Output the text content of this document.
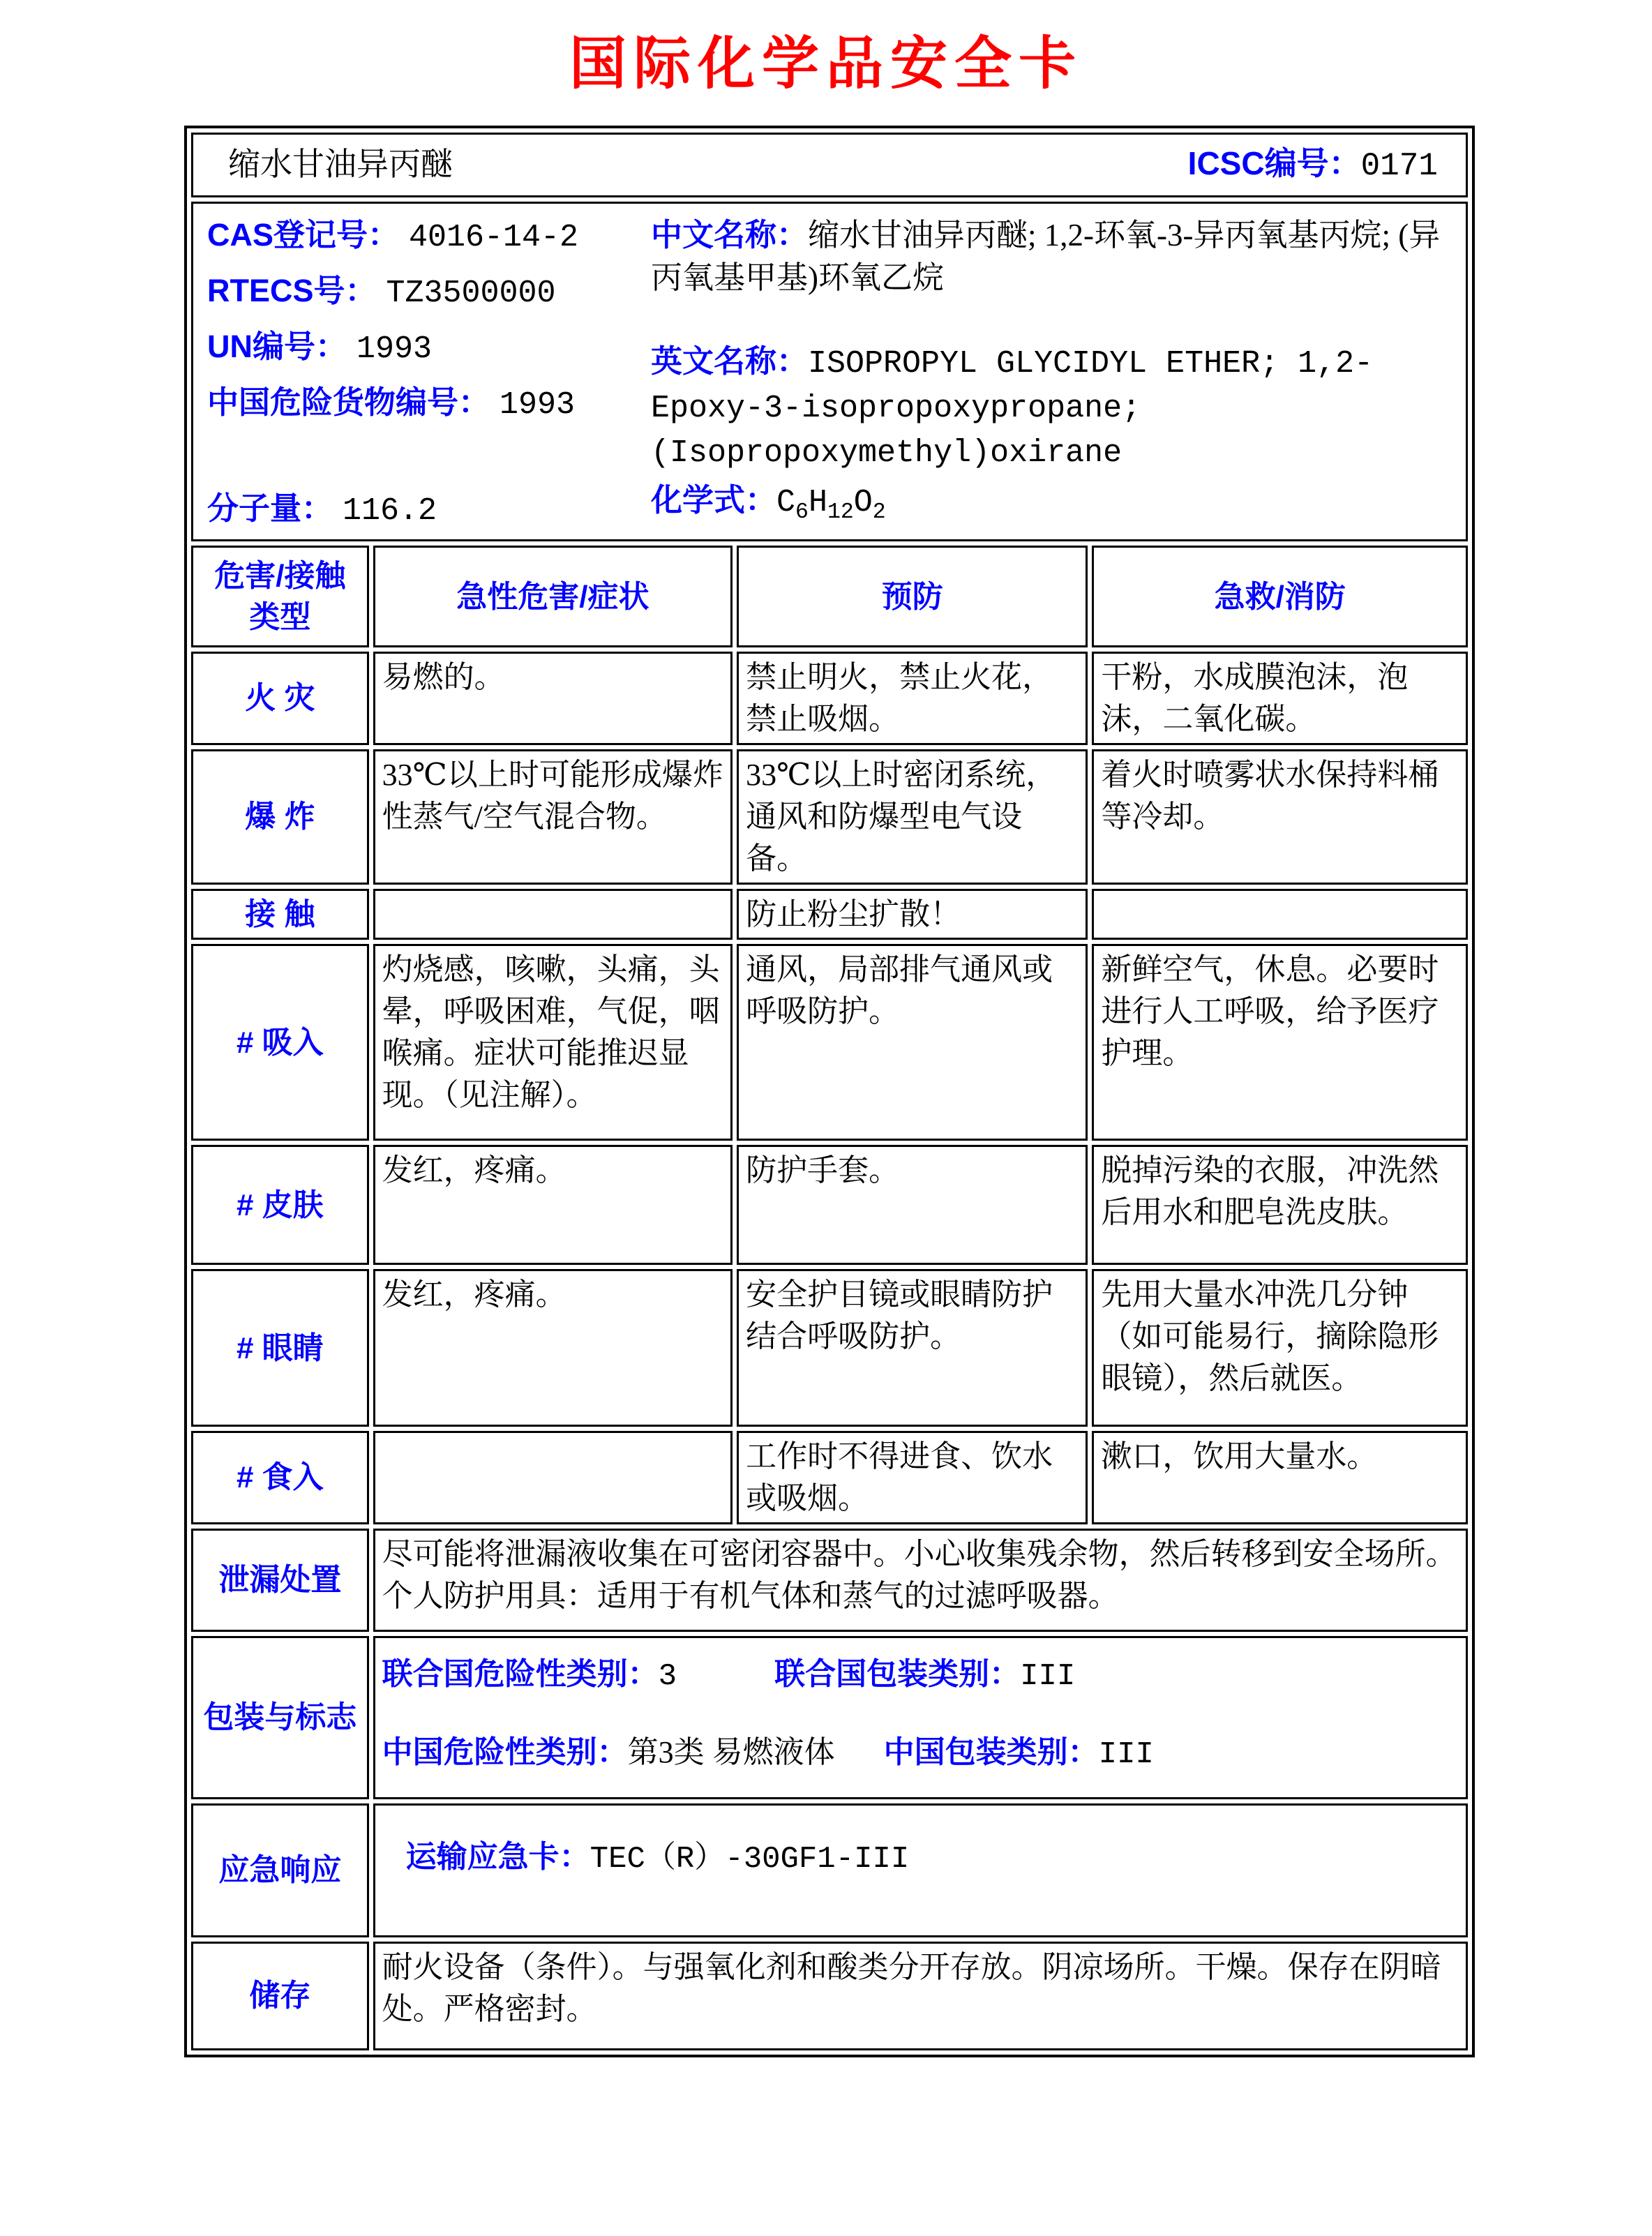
国际化学品安全卡
缩水甘油异丙醚 ICSC编号：0171			

CAS登记号： 4016-14-2
RTECS号： TZ3500000
UN编号： 1993
中国危险货物编号： 1993
分子量： 116.2
中文名称：缩水甘油异丙醚; 1,2-环氧-3-异丙氧基丙烷; (异丙氧基甲基)环氧乙烷
英文名称：ISOPROPYL GLYCIDYL ETHER; 1,2-Epoxy-3-isopropoxypropane; (Isopropoxymethyl)oxirane
化学式：$C_6H_{12}O_2$

危害/接触
类型	急性危害/症状	预防	急救/消防
火 灾	易燃的。	禁止明火，禁止火花，禁止吸烟。	干粉，水成膜泡沫，泡沫，二氧化碳。
爆 炸	33℃以上时可能形成爆炸性蒸气/空气混合物。	33℃以上时密闭系统，通风和防爆型电气设备。	着火时喷雾状水保持料桶等冷却。
接 触		防止粉尘扩散！	
# 吸入	灼烧感，咳嗽，头痛，头晕，呼吸困难，气促，咽喉痛。症状可能推迟显现。（见注解）。	通风，局部排气通风或呼吸防护。	新鲜空气，休息。必要时进行人工呼吸，给予医疗护理。
# 皮肤	发红，疼痛。	防护手套。	脱掉污染的衣服，冲洗然后用水和肥皂洗皮肤。
# 眼睛	发红，疼痛。	安全护目镜或眼睛防护结合呼吸防护。	先用大量水冲洗几分钟（如可能易行，摘除隐形眼镜），然后就医。
# 食入		工作时不得进食、饮水或吸烟。	漱口，饮用大量水。
泄漏处置	尽可能将泄漏液收集在可密闭容器中。小心收集残余物，然后转移到安全场所。个人防护用具：适用于有机气体和蒸气的过滤呼吸器。		
包装与标志	联合国危险性类别：3 联合国包装类别：III
中国危险性类别：第3类 易燃液体 中国包装类别：III		

应急响应	运输应急卡：TEC（R）-30GF1-III		

储存	耐火设备（条件）。与强氧化剂和酸类分开存放。阴凉场所。干燥。保存在阴暗处。严格密封。		
